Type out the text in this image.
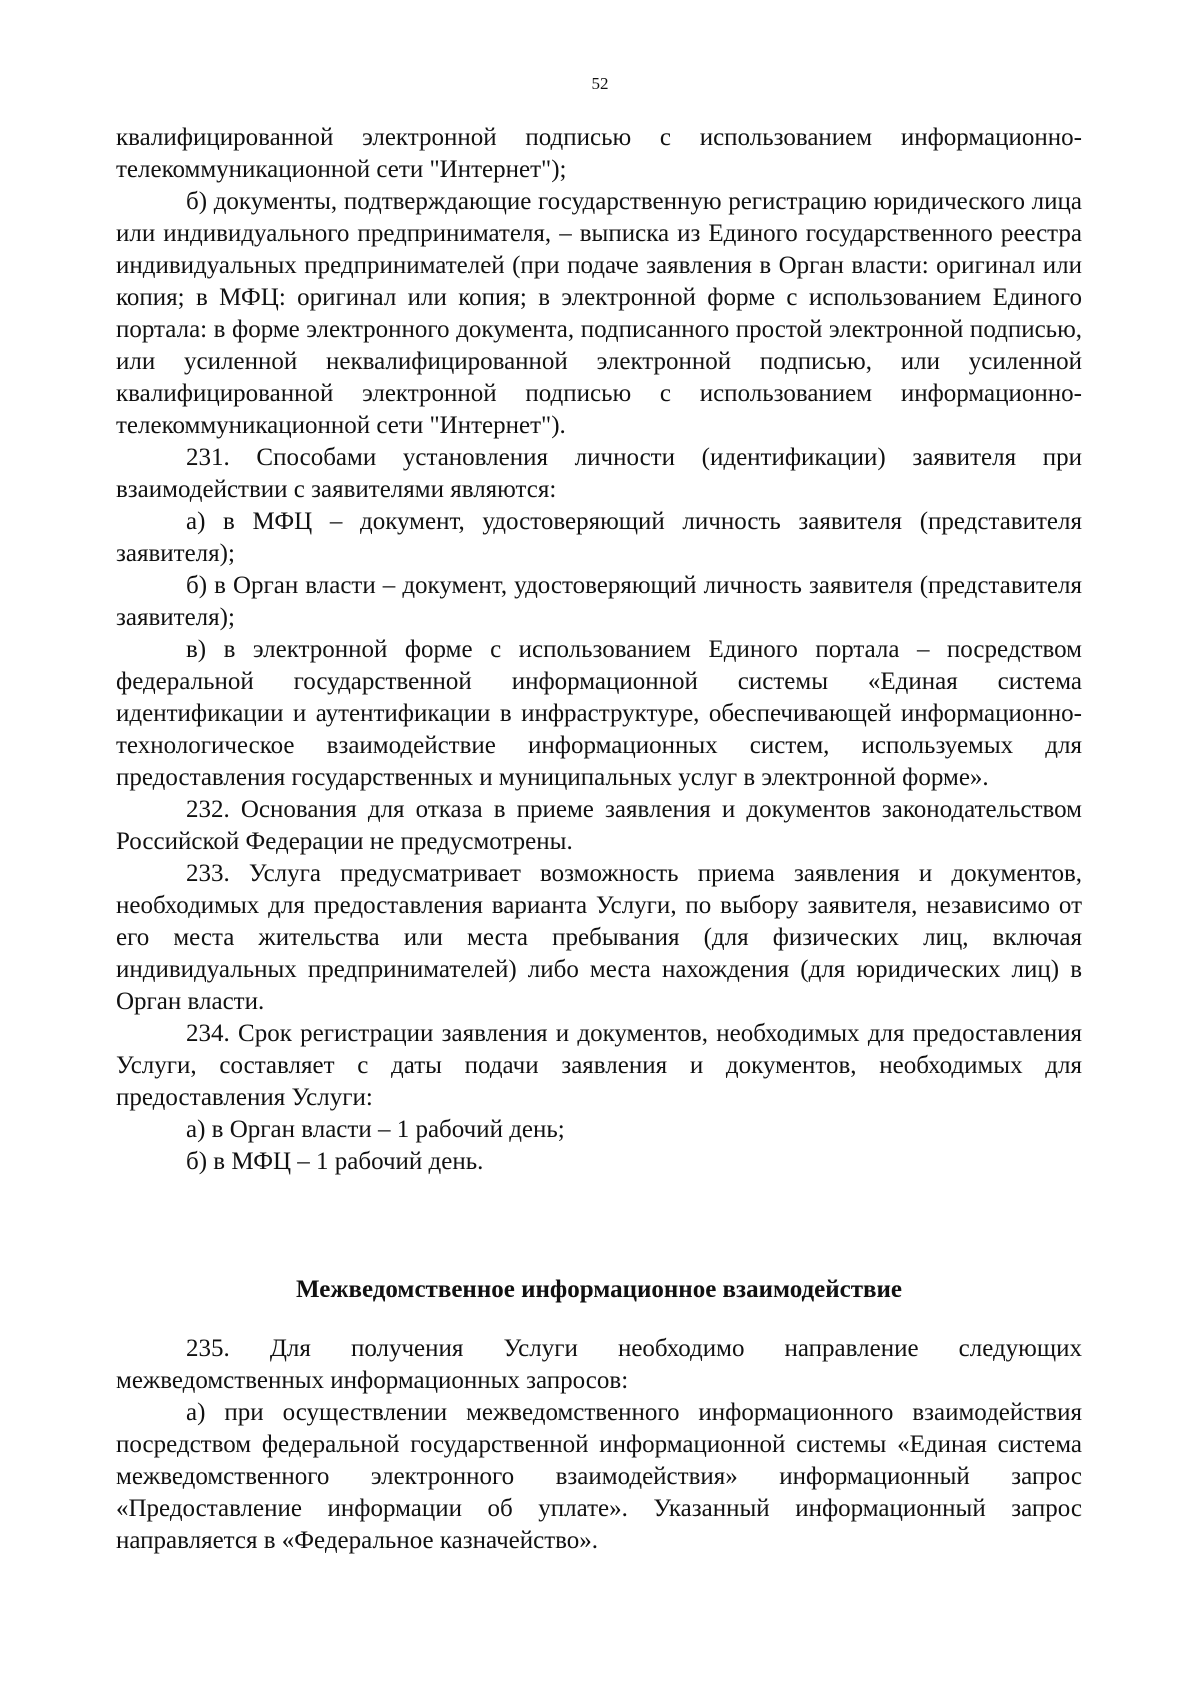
52

квалифицированной электронной подписью с использованием информационно-телекоммуникационной сети "Интернет");

б) документы, подтверждающие государственную регистрацию юридического лица или индивидуального предпринимателя, – выписка из Единого государственного реестра индивидуальных предпринимателей (при подаче заявления в Орган власти: оригинал или копия; в МФЦ: оригинал или копия; в электронной форме с использованием Единого портала: в форме электронного документа, подписанного простой электронной подписью, или усиленной неквалифицированной электронной подписью, или усиленной квалифицированной электронной подписью с использованием информационно-телекоммуникационной сети "Интернет").

231. Способами установления личности (идентификации) заявителя при взаимодействии с заявителями являются:

а) в МФЦ – документ, удостоверяющий личность заявителя (представителя заявителя);

б) в Орган власти – документ, удостоверяющий личность заявителя (представителя заявителя);

в) в электронной форме с использованием Единого портала – посредством федеральной государственной информационной системы «Единая система идентификации и аутентификации в инфраструктуре, обеспечивающей информационно-технологическое взаимодействие информационных систем, используемых для предоставления государственных и муниципальных услуг в электронной форме».

232. Основания для отказа в приеме заявления и документов законодательством Российской Федерации не предусмотрены.

233. Услуга предусматривает возможность приема заявления и документов, необходимых для предоставления варианта Услуги, по выбору заявителя, независимо от его места жительства или места пребывания (для физических лиц, включая индивидуальных предпринимателей) либо места нахождения (для юридических лиц) в Орган власти.

234. Срок регистрации заявления и документов, необходимых для предоставления Услуги, составляет с даты подачи заявления и документов, необходимых для предоставления Услуги:

а) в Орган власти – 1 рабочий день;

б) в МФЦ – 1 рабочий день.

Межведомственное информационное взаимодействие

235. Для получения Услуги необходимо направление следующих межведомственных информационных запросов:

а) при осуществлении межведомственного информационного взаимодействия посредством федеральной государственной информационной системы «Единая система межведомственного электронного взаимодействия» информационный запрос «Предоставление информации об уплате». Указанный информационный запрос направляется в «Федеральное казначейство».
